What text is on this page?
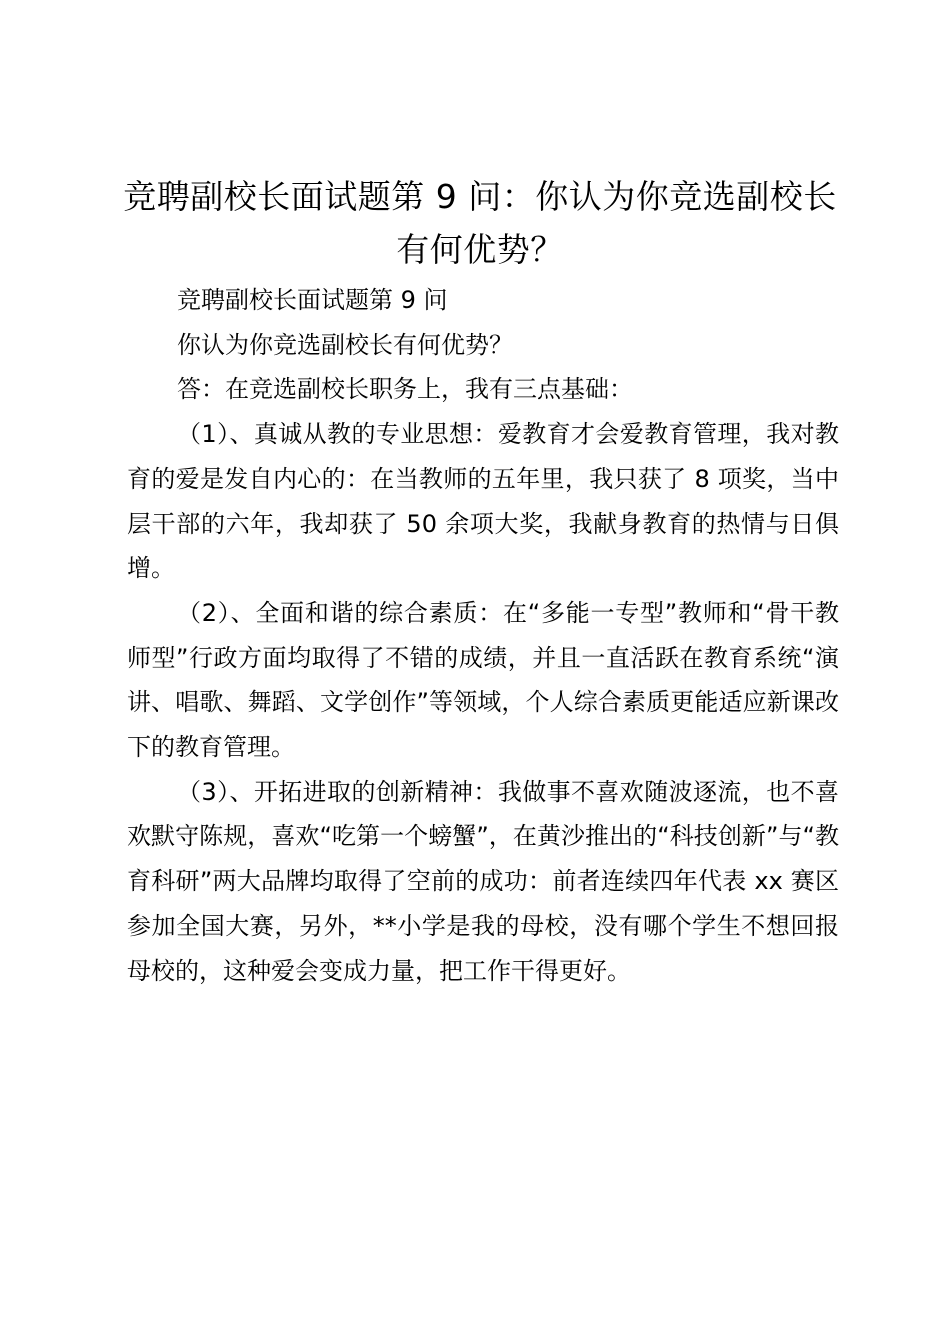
竞聘副校长面试题第 9 问：你认为你竞选副校长有何优势？

竞聘副校长面试题第 9 问

你认为你竞选副校长有何优势？

答：在竞选副校长职务上，我有三点基础：

（1）、真诚从教的专业思想：爱教育才会爱教育管理，我对教育的爱是发自内心的：在当教师的五年里，我只获了 8 项奖，当中层干部的六年，我却获了 50 余项大奖，我献身教育的热情与日俱增。

（2）、全面和谐的综合素质：在“多能一专型”教师和“骨干教师型”行政方面均取得了不错的成绩，并且一直活跃在教育系统“演讲、唱歌、舞蹈、文学创作”等领域，个人综合素质更能适应新课改下的教育管理。

（3）、开拓进取的创新精神：我做事不喜欢随波逐流，也不喜欢默守陈规，喜欢“吃第一个螃蟹”，在黄沙推出的“科技创新”与“教育科研”两大品牌均取得了空前的成功：前者连续四年代表 xx 赛区参加全国大赛，另外，**小学是我的母校，没有哪个学生不想回报母校的，这种爱会变成力量，把工作干得更好。
